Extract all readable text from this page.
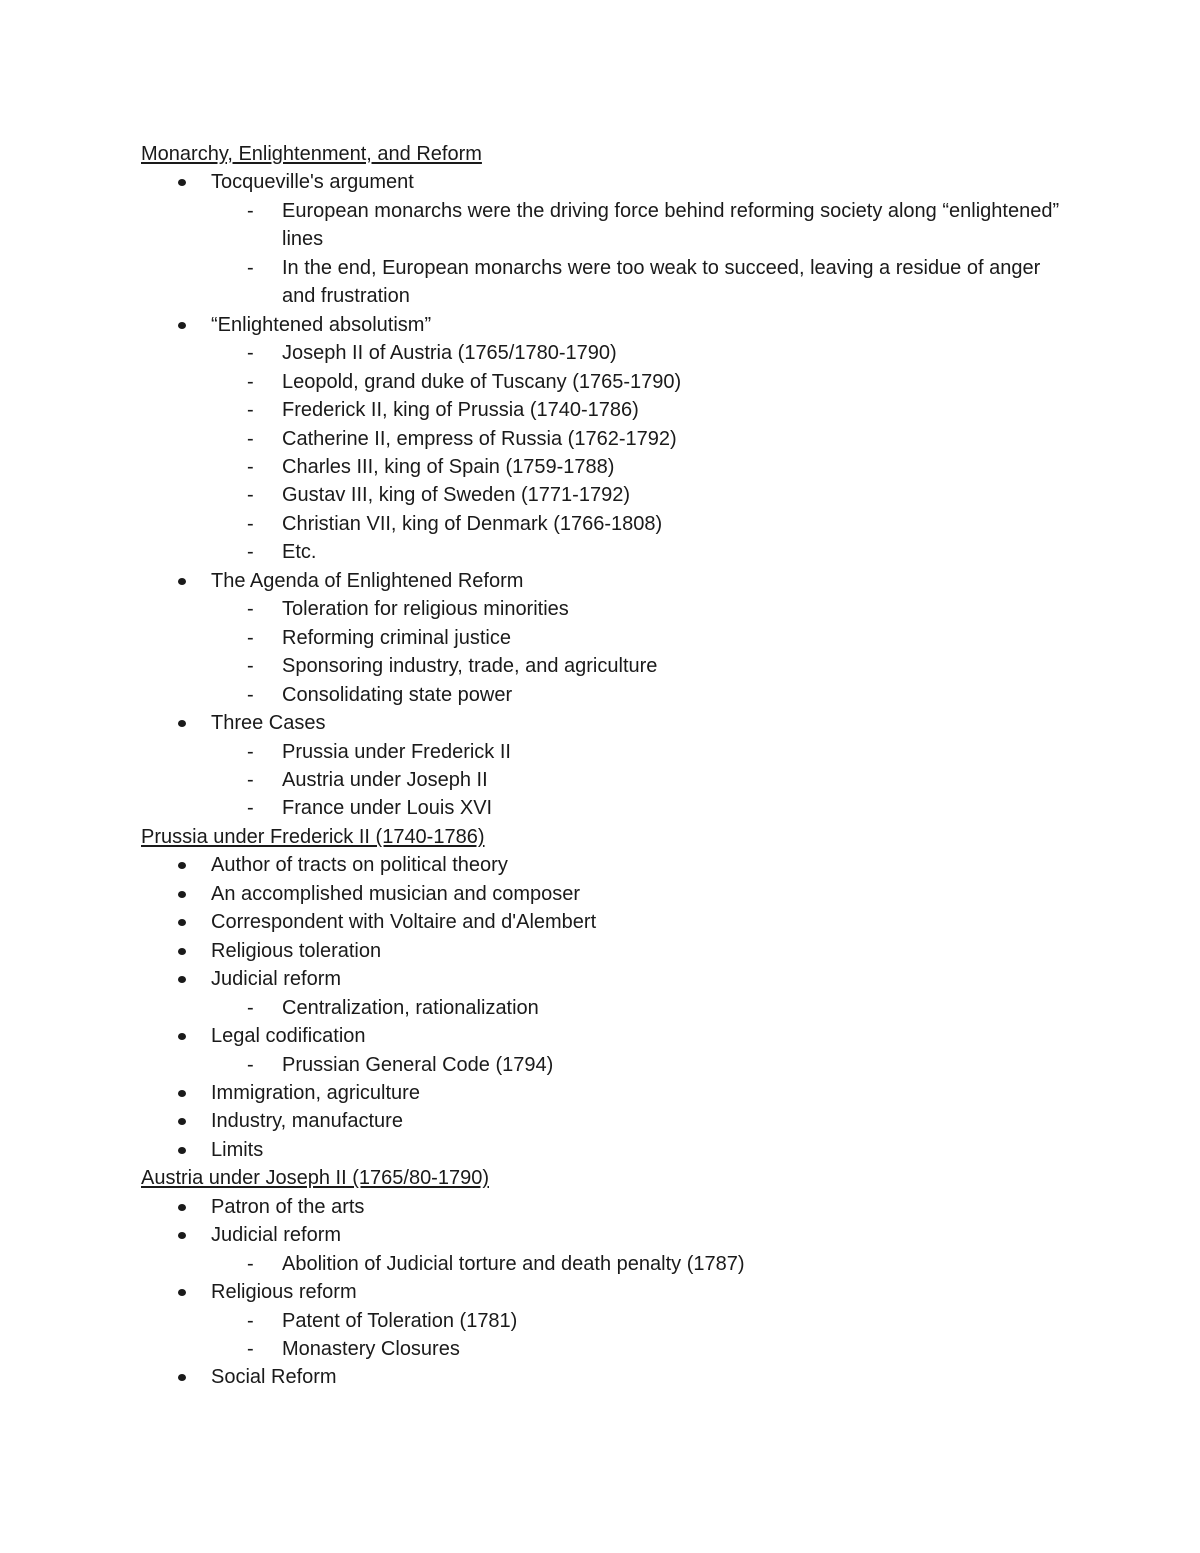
Monarchy, Enlightenment, and Reform
Tocqueville's argument
- European monarchs were the driving force behind reforming society along “enlightened” lines
- In the end, European monarchs were too weak to succeed, leaving a residue of anger and frustration
“Enlightened absolutism”
- Joseph II of Austria (1765/1780-1790)
- Leopold, grand duke of Tuscany (1765-1790)
- Frederick II, king of Prussia (1740-1786)
- Catherine II, empress of Russia (1762-1792)
- Charles III, king of Spain (1759-1788)
- Gustav III, king of Sweden (1771-1792)
- Christian VII, king of Denmark (1766-1808)
- Etc.
The Agenda of Enlightened Reform
- Toleration for religious minorities
- Reforming criminal justice
- Sponsoring industry, trade, and agriculture
- Consolidating state power
Three Cases
- Prussia under Frederick II
- Austria under Joseph II
- France under Louis XVI
Prussia under Frederick II (1740-1786)
Author of tracts on political theory
An accomplished musician and composer
Correspondent with Voltaire and d'Alembert
Religious toleration
Judicial reform
- Centralization, rationalization
Legal codification
- Prussian General Code (1794)
Immigration, agriculture
Industry, manufacture
Limits
Austria under Joseph II (1765/80-1790)
Patron of the arts
Judicial reform
- Abolition of Judicial torture and death penalty (1787)
Religious reform
- Patent of Toleration (1781)
- Monastery Closures
Social Reform
